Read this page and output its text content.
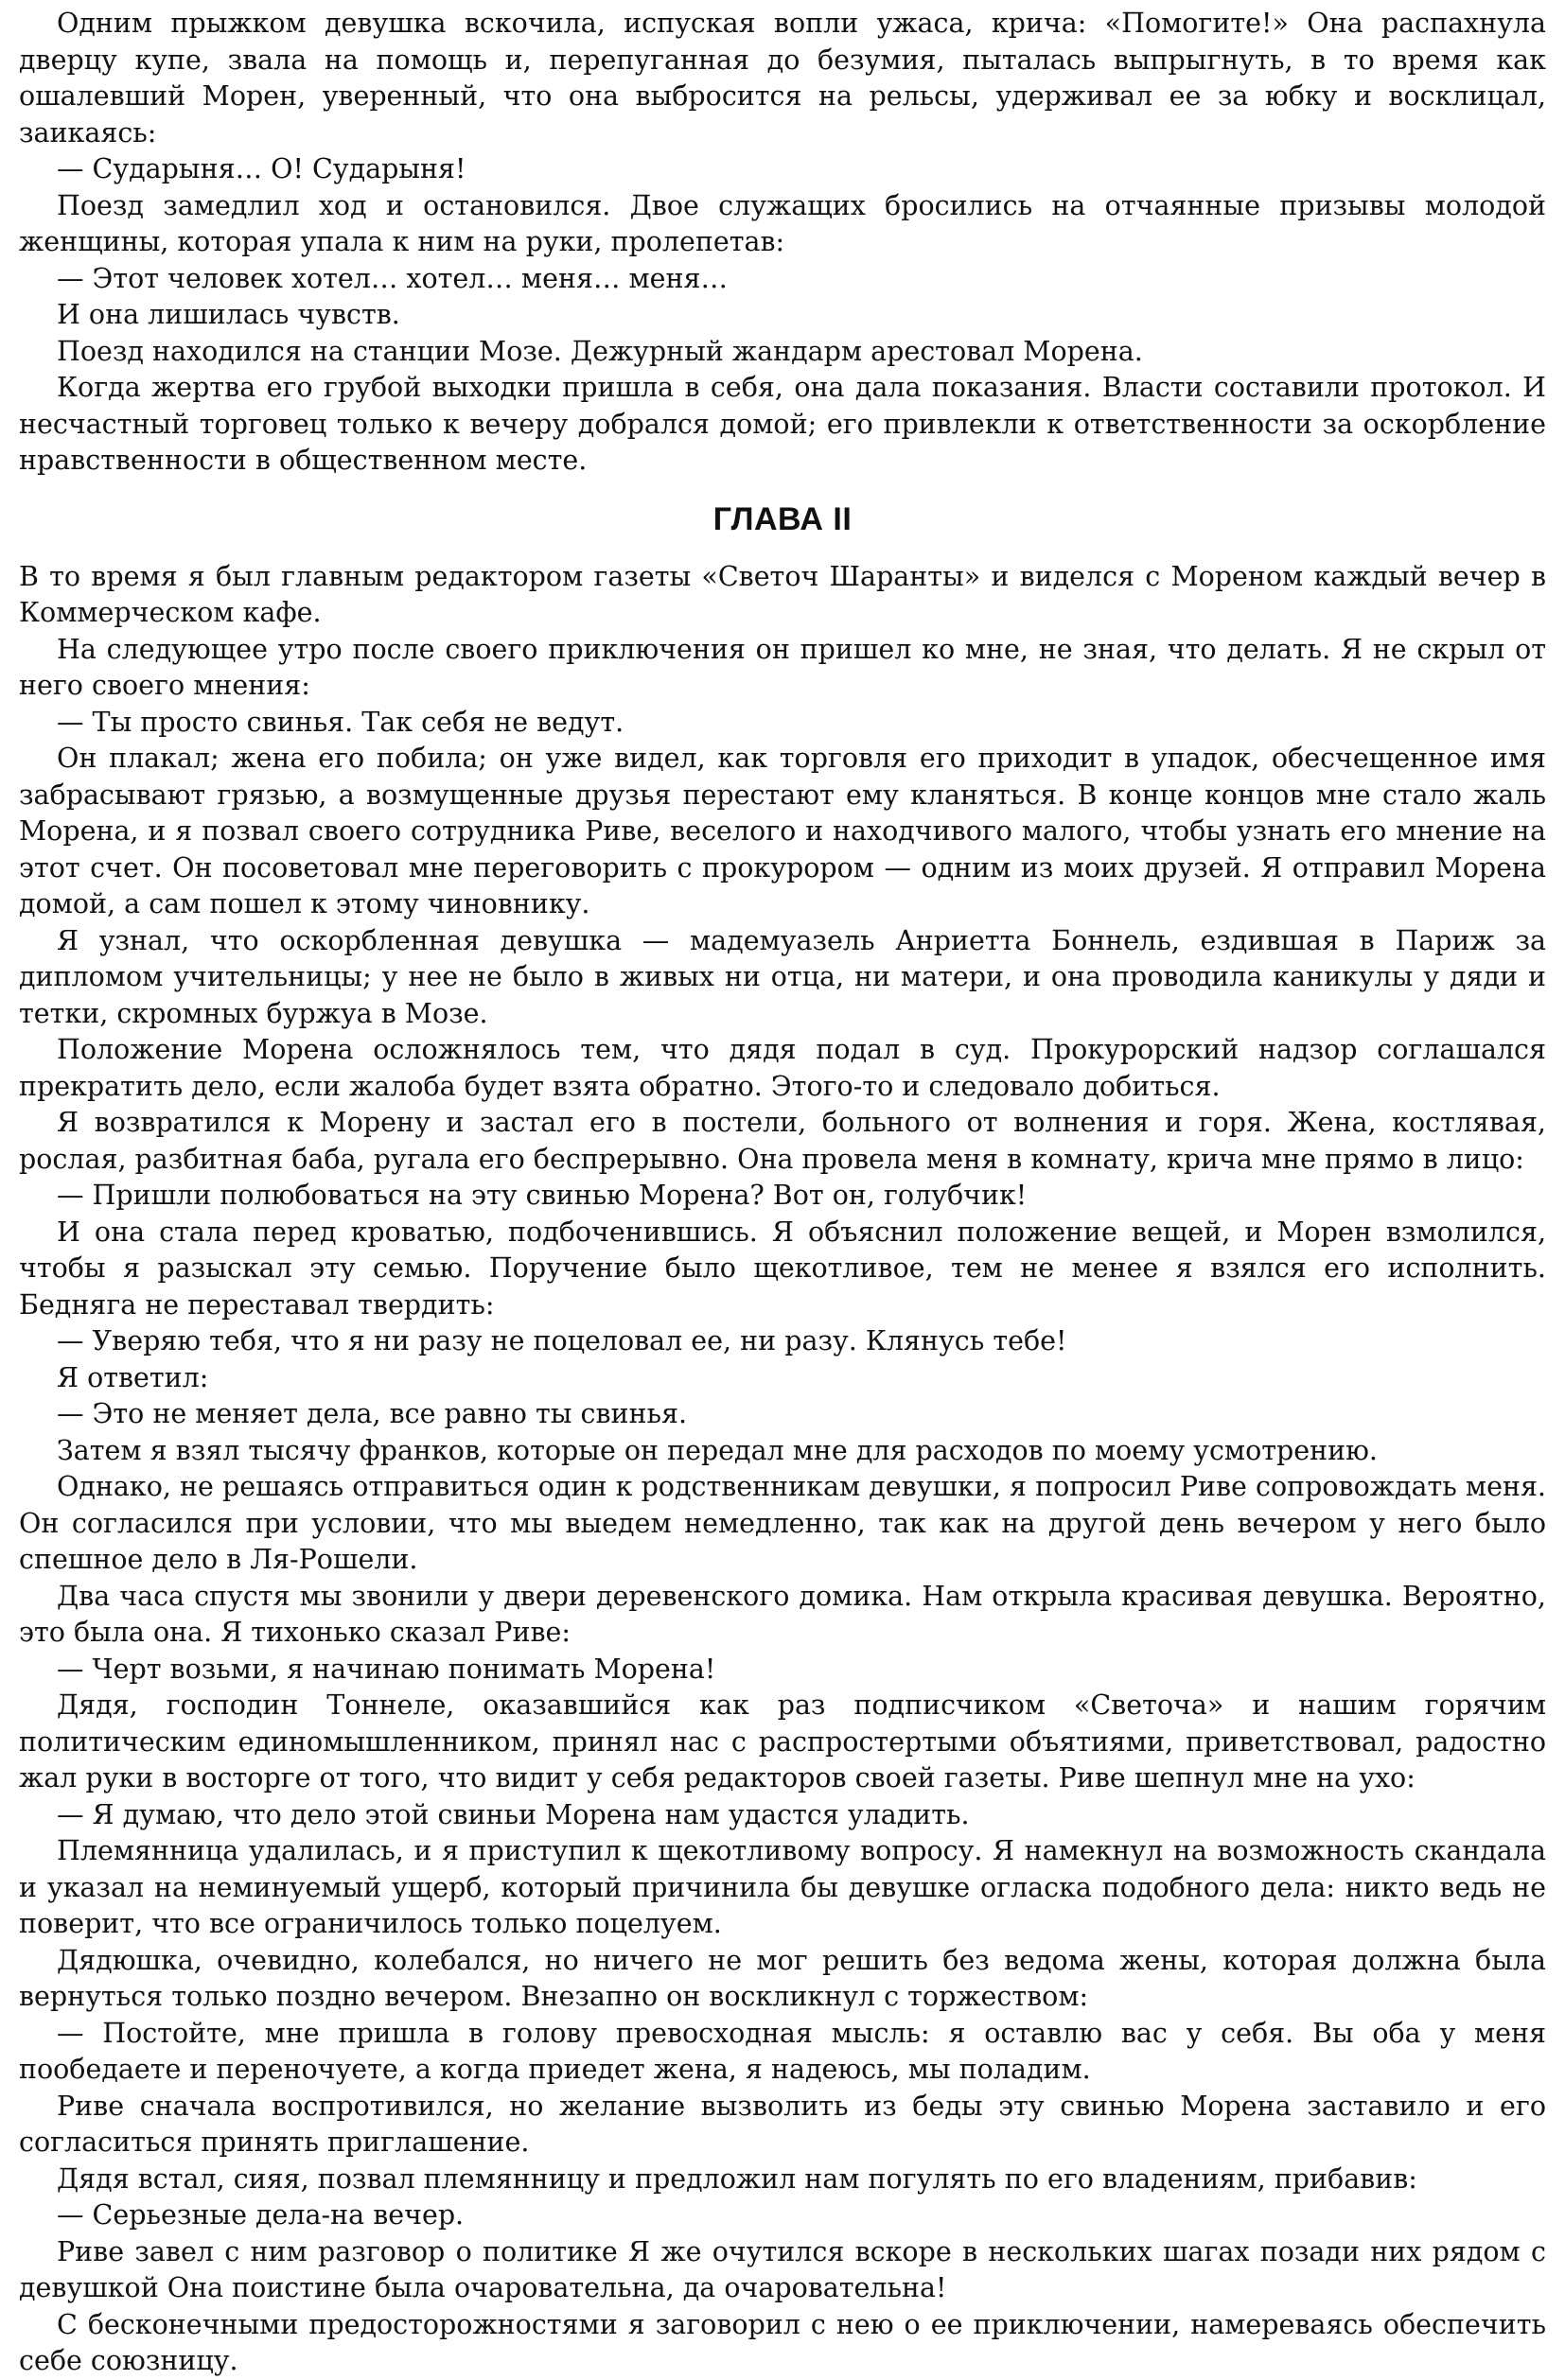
Одним прыжком девушка вскочила, испуская вопли ужаса, крича: «Помогите!» Она распахнула дверцу купе, звала на помощь и, перепуганная до безумия, пыталась выпрыгнуть, в то время как ошалевший Морен, уверенный, что она выбросится на рельсы, удерживал ее за юбку и восклицал, заикаясь:

— Сударыня… О! Сударыня!

Поезд замедлил ход и остановился. Двое служащих бросились на отчаянные призывы молодой женщины, которая упала к ним на руки, пролепетав:

— Этот человек хотел… хотел… меня… меня…

И она лишилась чувств.

Поезд находился на станции Мозе. Дежурный жандарм арестовал Морена.

Когда жертва его грубой выходки пришла в себя, она дала показания. Власти составили протокол. И несчастный торговец только к вечеру добрался домой; его привлекли к ответственности за оскорбление нравственности в общественном месте.

ГЛАВА II

В то время я был главным редактором газеты «Светоч Шаранты» и виделся с Мореном каждый вечер в Коммерческом кафе.

На следующее утро после своего приключения он пришел ко мне, не зная, что делать. Я не скрыл от него своего мнения:

— Ты просто свинья. Так себя не ведут.

Он плакал; жена его побила; он уже видел, как торговля его приходит в упадок, обесчещенное имя забрасывают грязью, а возмущенные друзья перестают ему кланяться. В конце концов мне стало жаль Морена, и я позвал своего сотрудника Риве, веселого и находчивого малого, чтобы узнать его мнение на этот счет. Он посоветовал мне переговорить с прокурором — одним из моих друзей. Я отправил Морена домой, а сам пошел к этому чиновнику.

Я узнал, что оскорбленная девушка — мадемуазель Анриетта Боннель, ездившая в Париж за дипломом учительницы; у нее не было в живых ни отца, ни матери, и она проводила каникулы у дяди и тетки, скромных буржуа в Мозе.

Положение Морена осложнялось тем, что дядя подал в суд. Прокурорский надзор соглашался прекратить дело, если жалоба будет взята обратно. Этого-то и следовало добиться.

Я возвратился к Морену и застал его в постели, больного от волнения и горя. Жена, костлявая, рослая, разбитная баба, ругала его беспрерывно. Она провела меня в комнату, крича мне прямо в лицо:

— Пришли полюбоваться на эту свинью Морена? Вот он, голубчик!

И она стала перед кроватью, подбоченившись. Я объяснил положение вещей, и Морен взмолился, чтобы я разыскал эту семью. Поручение было щекотливое, тем не менее я взялся его исполнить. Бедняга не переставал твердить:

— Уверяю тебя, что я ни разу не поцеловал ее, ни разу. Клянусь тебе!

Я ответил:

— Это не меняет дела, все равно ты свинья.

Затем я взял тысячу франков, которые он передал мне для расходов по моему усмотрению.

Однако, не решаясь отправиться один к родственникам девушки, я попросил Риве сопровождать меня. Он согласился при условии, что мы выедем немедленно, так как на другой день вечером у него было спешное дело в Ля-Рошели.

Два часа спустя мы звонили у двери деревенского домика. Нам открыла красивая девушка. Вероятно, это была она. Я тихонько сказал Риве:

— Черт возьми, я начинаю понимать Морена!

Дядя, господин Тоннеле, оказавшийся как раз подписчиком «Светоча» и нашим горячим политическим единомышленником, принял нас с распростертыми объятиями, приветствовал, радостно жал руки в восторге от того, что видит у себя редакторов своей газеты. Риве шепнул мне на ухо:

— Я думаю, что дело этой свиньи Морена нам удастся уладить.

Племянница удалилась, и я приступил к щекотливому вопросу. Я намекнул на возможность скандала и указал на неминуемый ущерб, который причинила бы девушке огласка подобного дела: никто ведь не поверит, что все ограничилось только поцелуем.

Дядюшка, очевидно, колебался, но ничего не мог решить без ведома жены, которая должна была вернуться только поздно вечером. Внезапно он воскликнул с торжеством:

— Постойте, мне пришла в голову превосходная мысль: я оставлю вас у себя. Вы оба у меня пообедаете и переночуете, а когда приедет жена, я надеюсь, мы поладим.

Риве сначала воспротивился, но желание вызволить из беды эту свинью Морена заставило и его согласиться принять приглашение.

Дядя встал, сияя, позвал племянницу и предложил нам погулять по его владениям, прибавив:

— Серьезные дела-на вечер.

Риве завел с ним разговор о политике Я же очутился вскоре в нескольких шагах позади них рядом с девушкой Она поистине была очаровательна, да очаровательна!

С бесконечными предосторожностями я заговорил с нею о ее приключении, намереваясь обеспечить себе союзницу.
